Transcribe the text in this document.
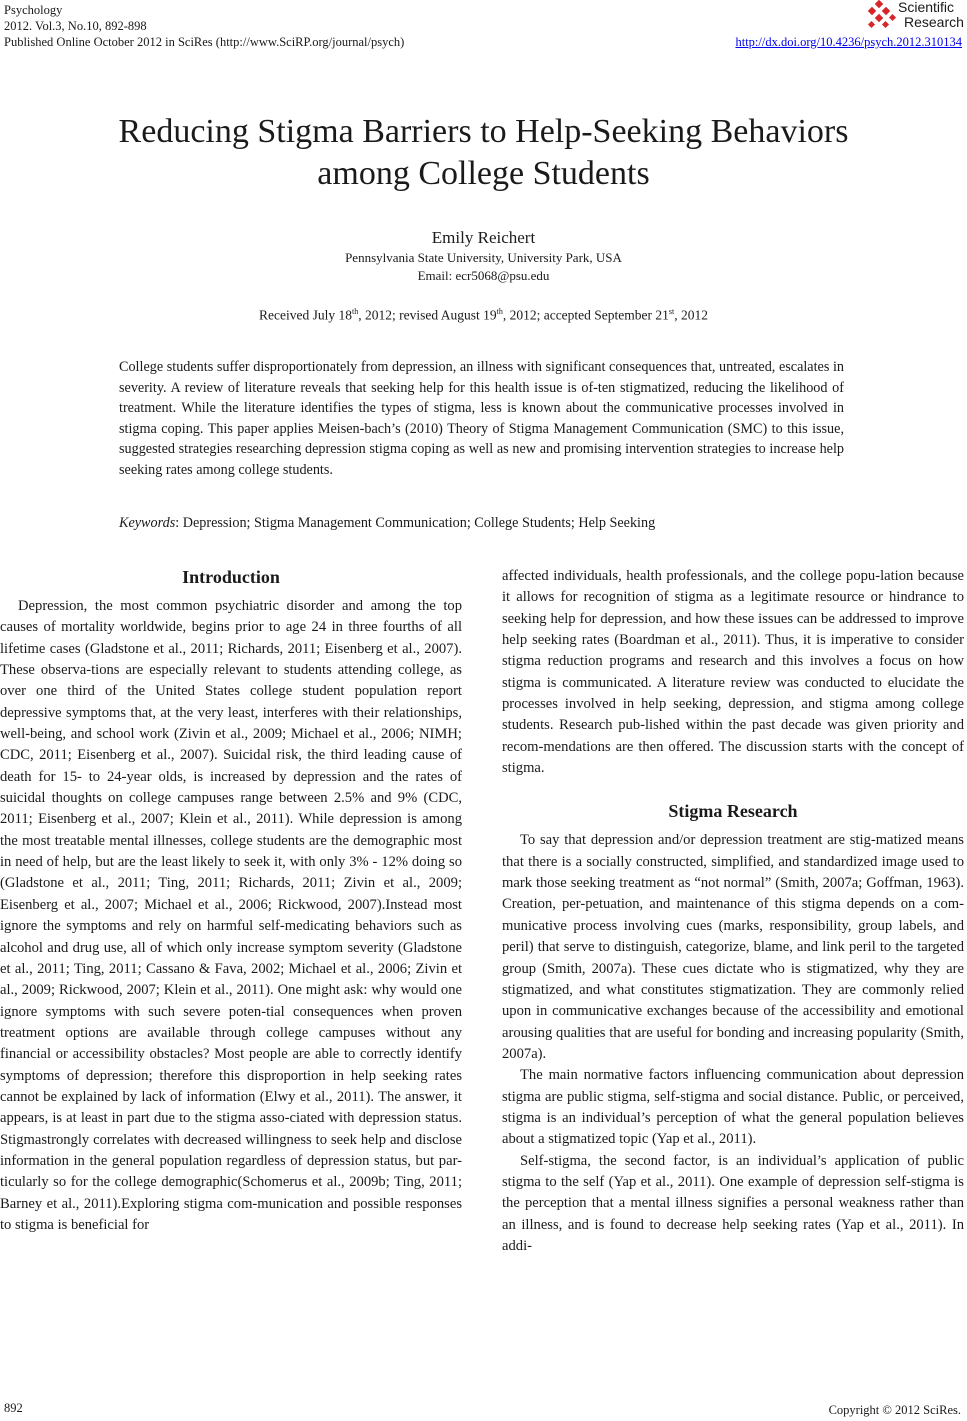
Psychology
2012. Vol.3, No.10, 892-898
Published Online October 2012 in SciRes (http://www.SciRP.org/journal/psych)	http://dx.doi.org/10.4236/psych.2012.310134
Scientific
Research
Reducing Stigma Barriers to Help-Seeking Behaviors
among College Students
Emily Reichert
Pennsylvania State University, University Park, USA
Email: ecr5068@psu.edu
Received July 18th, 2012; revised August 19th, 2012; accepted September 21st, 2012

College students suffer disproportionately from depression, an illness with significant consequences that, untreated, escalates in severity. A review of literature reveals that seeking help for this health issue is of-ten stigmatized, reducing the likelihood of treatment. While the literature identifies the types of stigma, less is known about the communicative processes involved in stigma coping. This paper applies Meisen-bach’s (2010) Theory of Stigma Management Communication (SMC) to this issue, suggested strategies researching depression stigma coping as well as new and promising intervention strategies to increase help seeking rates among college students.

Keywords: Depression; Stigma Management Communication; College Students; Help Seeking
Introduction

Depression, the most common psychiatric disorder and among the top causes of mortality worldwide, begins prior to age 24 in three fourths of all lifetime cases (Gladstone et al., 2011; Richards, 2011; Eisenberg et al., 2007). These observa-tions are especially relevant to students attending college, as over one third of the United States college student population report depressive symptoms that, at the very least, interferes with their relationships, well-being, and school work (Zivin et al., 2009; Michael et al., 2006; NIMH; CDC, 2011; Eisenberg et al., 2007). Suicidal risk, the third leading cause of death for 15- to 24-year olds, is increased by depression and the rates of suicidal thoughts on college campuses range between 2.5% and 9% (CDC, 2011; Eisenberg et al., 2007; Klein et al., 2011). While depression is among the most treatable mental illnesses, college students are the demographic most in need of help, but are the least likely to seek it, with only 3% - 12% doing so (Gladstone et al., 2011; Ting, 2011; Richards, 2011; Zivin et al., 2009; Eisenberg et al., 2007; Michael et al., 2006; Rickwood, 2007).Instead most ignore the symptoms and rely on harmful self-medicating behaviors such as alcohol and drug use, all of which only increase symptom severity (Gladstone et al., 2011; Ting, 2011; Cassano & Fava, 2002; Michael et al., 2006; Zivin et al., 2009; Rickwood, 2007; Klein et al., 2011). One might ask: why would one ignore symptoms with such severe poten-tial consequences when proven treatment options are available through college campuses without any financial or accessibility obstacles? Most people are able to correctly identify symptoms of depression; therefore this disproportion in help seeking rates cannot be explained by lack of information (Elwy et al., 2011). The answer, it appears, is at least in part due to the stigma asso-ciated with depression status. Stigmastrongly correlates with decreased willingness to seek help and disclose information in the general population regardless of depression status, but par-ticularly so for the college demographic(Schomerus et al., 2009b; Ting, 2011; Barney et al., 2011).Exploring stigma com-munication and possible responses to stigma is beneficial for

affected individuals, health professionals, and the college popu-lation because it allows for recognition of stigma as a legitimate resource or hindrance to seeking help for depression, and how these issues can be addressed to improve help seeking rates (Boardman et al., 2011). Thus, it is imperative to consider stigma reduction programs and research and this involves a focus on how stigma is communicated. A literature review was conducted to elucidate the processes involved in help seeking, depression, and stigma among college students. Research pub-lished within the past decade was given priority and recom-mendations are then offered. The discussion starts with the concept of stigma.

Stigma Research

To say that depression and/or depression treatment are stig-matized means that there is a socially constructed, simplified, and standardized image used to mark those seeking treatment as “not normal” (Smith, 2007a; Goffman, 1963). Creation, per-petuation, and maintenance of this stigma depends on a com-municative process involving cues (marks, responsibility, group labels, and peril) that serve to distinguish, categorize, blame, and link peril to the targeted group (Smith, 2007a). These cues dictate who is stigmatized, why they are stigmatized, and what constitutes stigmatization. They are commonly relied upon in communicative exchanges because of the accessibility and emotional arousing qualities that are useful for bonding and increasing popularity (Smith, 2007a).

The main normative factors influencing communication about depression stigma are public stigma, self-stigma and social distance. Public, or perceived, stigma is an individual’s perception of what the general population believes about a stigmatized topic (Yap et al., 2011).

Self-stigma, the second factor, is an individual’s application of public stigma to the self (Yap et al., 2011). One example of depression self-stigma is the perception that a mental illness signifies a personal weakness rather than an illness, and is found to decrease help seeking rates (Yap et al., 2011). In addi-

892	Copyright © 2012 SciRes.
